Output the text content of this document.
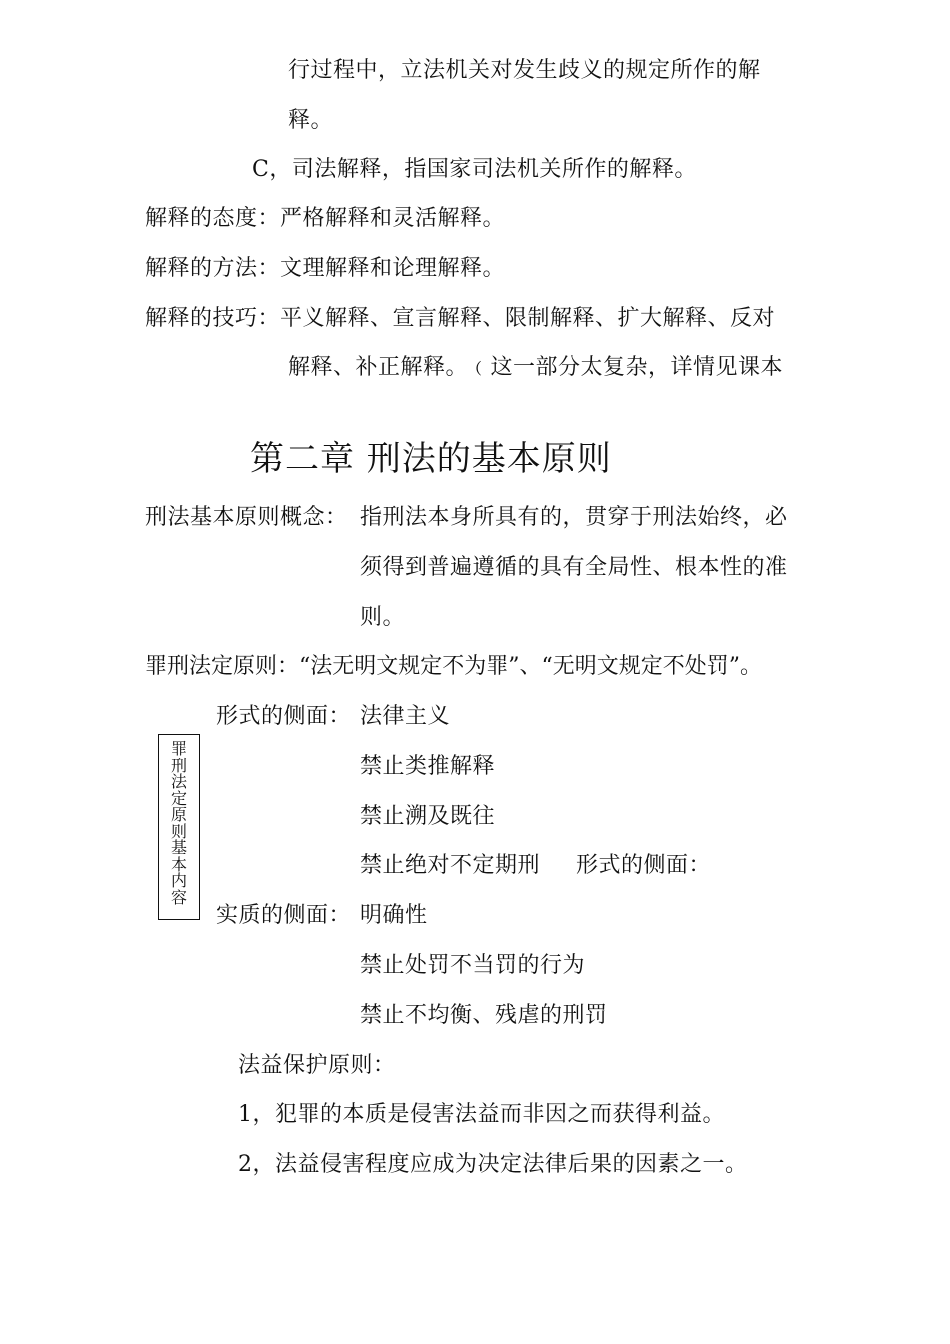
行过程中，立法机关对发生歧义的规定所作的解
释。
C，司法解释，指国家司法机关所作的解释。
解释的态度：严格解释和灵活解释。
解释的方法：文理解释和论理解释。
解释的技巧：平义解释、宣言解释、限制解释、扩大解释、反对
解释、补正解释。﹙这一部分太复杂，详情见课本
第二章 刑法的基本原则
刑法基本原则概念： 指刑法本身所具有的，贯穿于刑法始终，必
须得到普遍遵循的具有全局性、根本性的准
则。
罪刑法定原则：“法无明文规定不为罪”、“无明文规定不处罚”。
罪刑法定原则基本内容
形式的侧面： 法律主义
禁止类推解释
禁止溯及既往
禁止绝对不定期刑 形式的侧面：
实质的侧面： 明确性
禁止处罚不当罚的行为
禁止不均衡、残虐的刑罚
法益保护原则：
1，犯罪的本质是侵害法益而非因之而获得利益。
2，法益侵害程度应成为决定法律后果的因素之一。
